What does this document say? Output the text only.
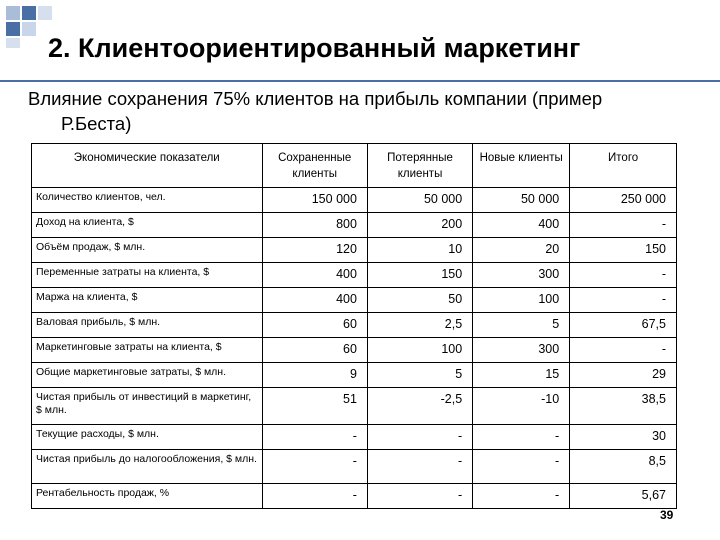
2. Клиентоориентированный маркетинг
Влияние сохранения 75% клиентов на прибыль компании (пример
Р.Беста)
Экономические показатели	Сохраненные клиенты	Потерянные клиенты	Новые клиенты	Итого
Количество клиентов, чел.	150 000	50 000	50 000	250 000
Доход на клиента, $	800	200	400	-
Объём продаж, $ млн.	120	10	20	150
Переменные затраты на клиента, $	400	150	300	-
Маржа на клиента, $	400	50	100	-
Валовая прибыль, $ млн.	60	2,5	5	67,5
Маркетинговые затраты на клиента, $	60	100	300	-
Общие маркетинговые затраты, $ млн.	9	5	15	29
Чистая прибыль от инвестиций в маркетинг, $ млн.	51	-2,5	-10	38,5
Текущие расходы, $ млн.	-	-	-	30
Чистая прибыль до налогообложения, $ млн.	-	-	-	8,5
Рентабельность продаж, %	-	-	-	5,67
39
